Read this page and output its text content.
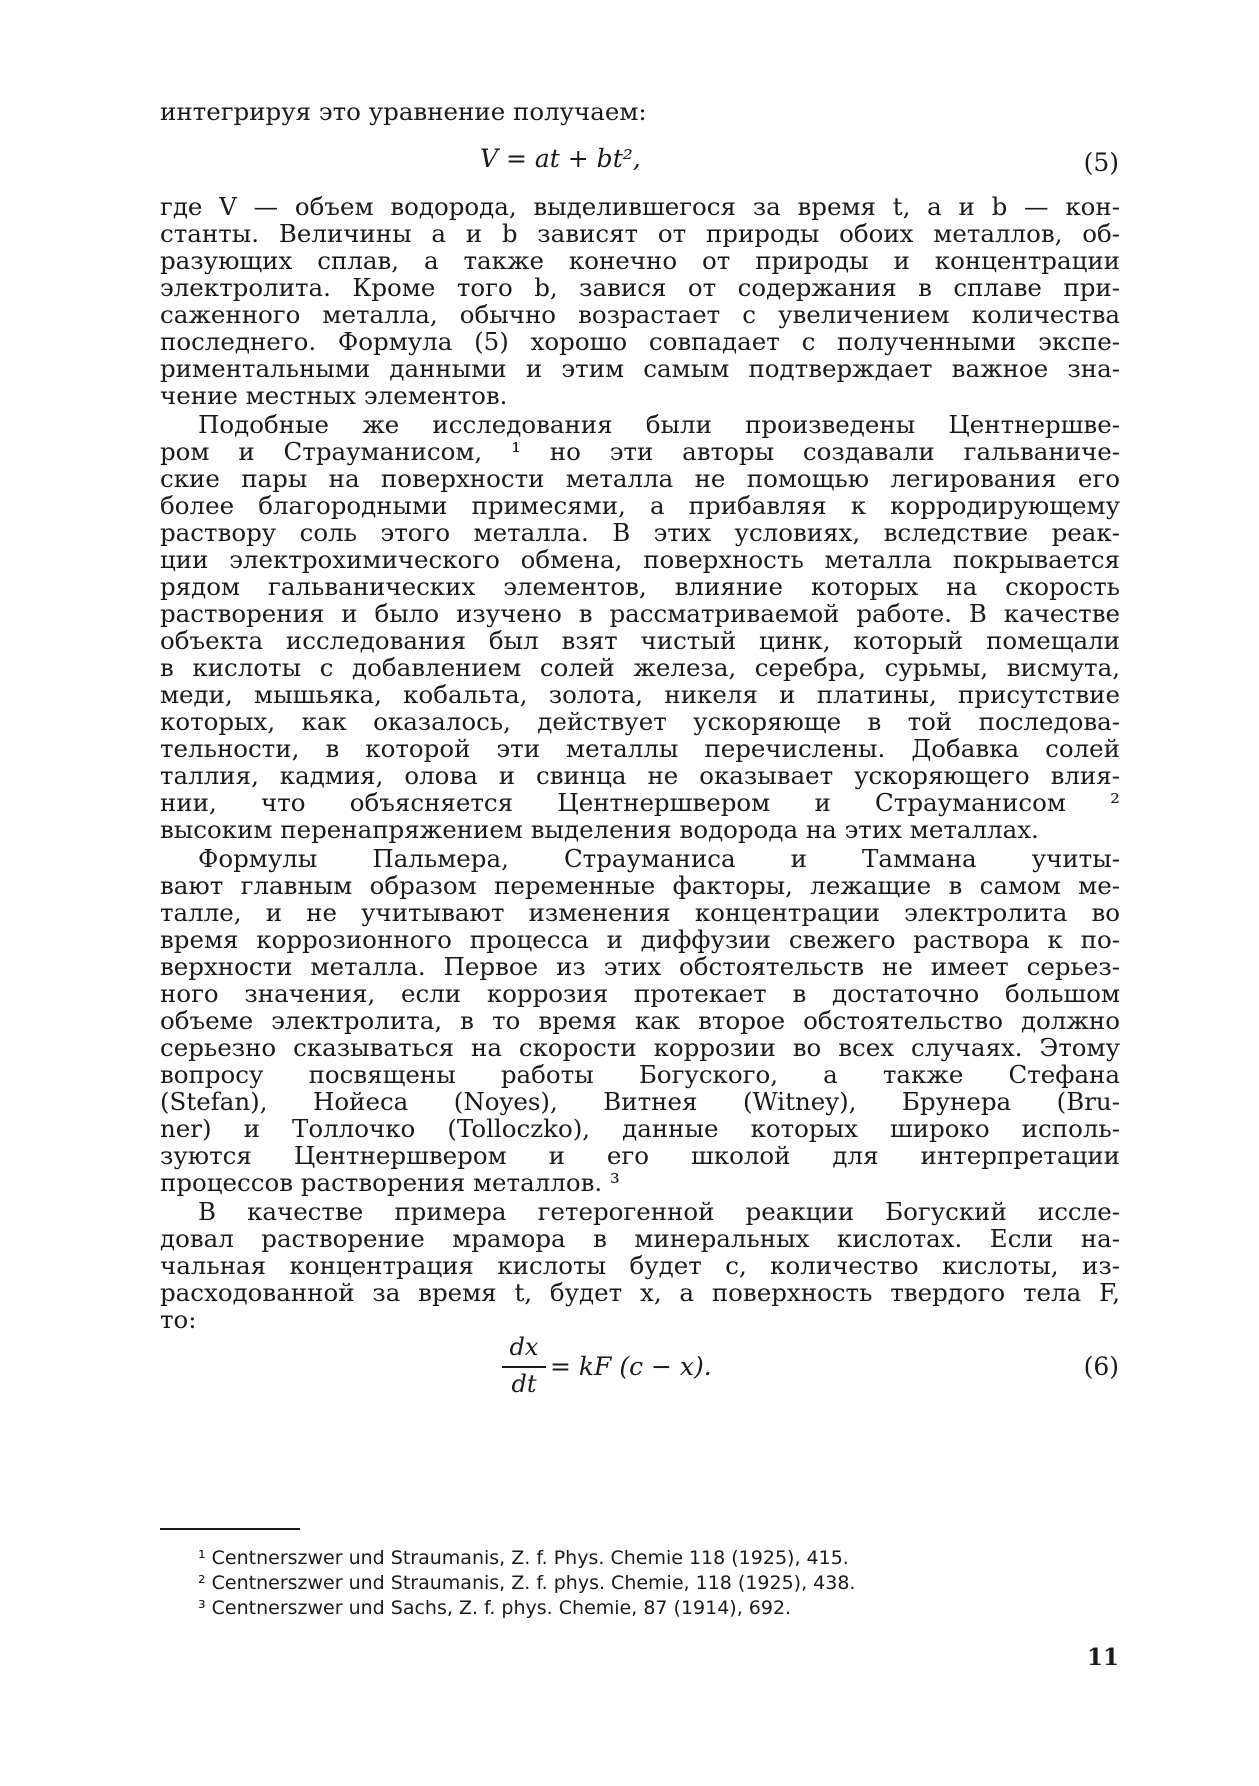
интегрируя это уравнение получаем:
V = at + bt²,	(5)
где V — объем водорода, выделившегося за время t, a и b — кон-
станты. Величины a и b зависят от природы обоих металлов, об-
разующих сплав, а также конечно от природы и концентрации
электролита. Кроме того b, завися от содержания в сплаве при-
саженного металла, обычно возрастает с увеличением количества
последнего. Формула (5) хорошо совпадает с полученными экспе-
риментальными данными и этим самым подтверждает важное зна-
чение местных элементов.
Подобные же исследования были произведены Центнершве-
ром и Страуманисом, ¹ но эти авторы создавали гальваниче-
ские пары на поверхности металла не помощью легирования его
более благородными примесями, а прибавляя к корродирующему
раствору соль этого металла. В этих условиях, вследствие реак-
ции электрохимического обмена, поверхность металла покрывается
рядом гальванических элементов, влияние которых на скорость
растворения и было изучено в рассматриваемой работе. В качестве
объекта исследования был взят чистый цинк, который помещали
в кислоты с добавлением солей железа, серебра, сурьмы, висмута,
меди, мышьяка, кобальта, золота, никеля и платины, присутствие
которых, как оказалось, действует ускоряюще в той последова-
тельности, в которой эти металлы перечислены. Добавка солей
таллия, кадмия, олова и свинца не оказывает ускоряющего влия-
нии, что объясняется Центнершвером и Страуманисом ²
высоким перенапряжением выделения водорода на этих металлах.
Формулы Пальмера, Страуманиса и Таммана учиты-
вают главным образом переменные факторы, лежащие в самом ме-
талле, и не учитывают изменения концентрации электролита во
время коррозионного процесса и диффузии свежего раствора к по-
верхности металла. Первое из этих обстоятельств не имеет серьез-
ного значения, если коррозия протекает в достаточно большом
объеме электролита, в то время как второе обстоятельство должно
серьезно сказываться на скорости коррозии во всех случаях. Этому
вопросу посвящены работы Богуского, а также Стефана
(Stefan), Нойеса (Noyes), Витнея (Witney), Брунера (Bru-
ner) и Толлочко (Tolloczko), данные которых широко исполь-
зуются Центнершвером и его школой для интерпретации
процессов растворения металлов. ³
В качестве примера гетерогенной реакции Богуский иссле-
довал растворение мрамора в минеральных кислотах. Если на-
чальная концентрация кислоты будет c, количество кислоты, из-
расходованной за время t, будет x, а поверхность твердого тела F,
то:
dx
dt
= kF (c − x).	(6)
¹ Centnerszwer und Straumanis, Z. f. Phys. Chemie 118 (1925), 415.
² Centnerszwer und Straumanis, Z. f. phys. Chemie, 118 (1925), 438.
³ Centnerszwer und Sachs, Z. f. phys. Chemie, 87 (1914), 692.
11
